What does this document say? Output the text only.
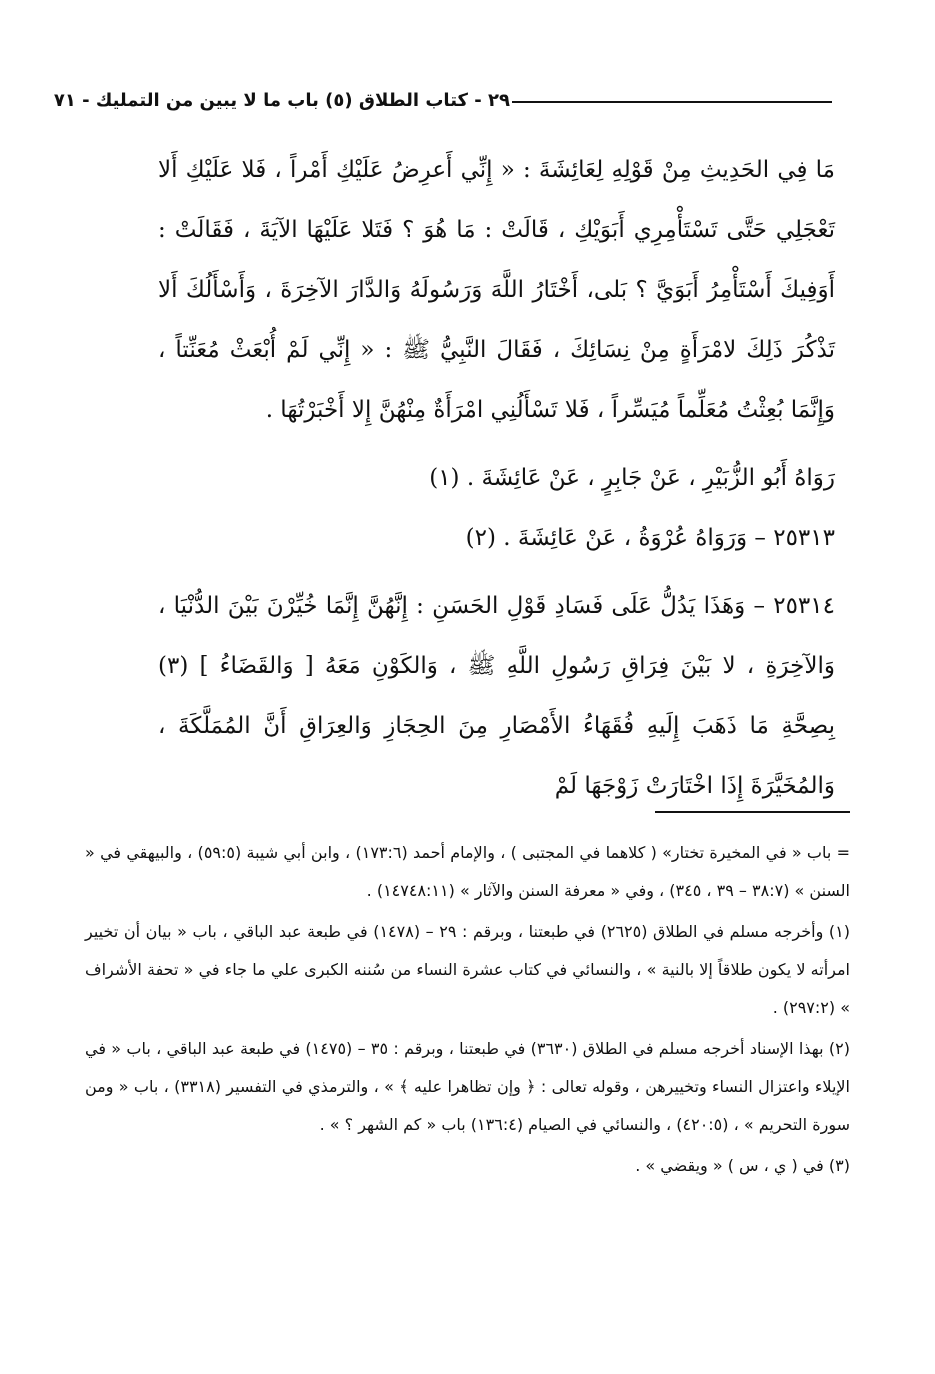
٢٩ - كتاب الطلاق (٥) باب ما لا يبين من التمليك - ٧١

مَا فِي الحَدِيثِ مِنْ قَوْلِهِ لِعَائِشَةَ : « إِنِّي أَعرِضُ عَلَيْكِ أَمْراً ، فَلا عَلَيْكِ أَلا تَعْجَلِي حَتَّى تَسْتَأْمِرِي أَبَوَيْكِ ، قَالَتْ : مَا هُوَ ؟ فَتَلا عَلَيْهَا الآيَةَ ، فَقَالَتْ : أَوَفِيكَ أَسْتَأْمِرُ أَبَوَيَّ ؟ بَلى، أَخْتَارُ اللَّهَ وَرَسُولَهُ وَالدَّارَ الآخِرَةَ ، وَأَسْأَلُكَ أَلا تَذْكُرَ ذَلِكَ لامْرَأَةٍ مِنْ نِسَائِكَ ، فَقَالَ النَّبِيُّ ﷺ : « إِنِّي لَمْ أُبْعَثْ مُعَنِّتاً ، وَإِنَّمَا بُعِثْتُ مُعَلِّماً مُيَسِّراً ، فَلا تَسْأَلُنِي امْرَأَةٌ مِنْهُنَّ إِلا أَخْبَرْتُهَا .

رَوَاهُ أَبُو الزُّبَيْرِ ، عَنْ جَابِرٍ ، عَنْ عَائِشَةَ . (١)

٢٥٣١٣ – وَرَوَاهُ عُرْوَةُ ، عَنْ عَائِشَةَ . (٢)

٢٥٣١٤ – وَهَذَا يَدُلُّ عَلَى فَسَادِ قَوْلِ الحَسَنِ : إِنَّهُنَّ إِنَّمَا خُيِّرْنَ بَيْنَ الدُّنْيَا ، وَالآخِرَةِ ، لا بَيْنَ فِرَاقِ رَسُولِ اللَّهِ ﷺ ، وَالكَوْنِ مَعَهُ [ وَالقَضَاءُ ] (٣) بِصِحَّةِ مَا ذَهَبَ إِلَيهِ فُقَهَاءُ الأَمْصَارِ مِنَ الحِجَازِ وَالعِرَاقِ أَنَّ المُمَلَّكَةَ ، وَالمُخَيَّرَةَ إِذَا اخْتَارَتْ زَوْجَهَا لَمْ

= باب « في المخيرة تختار» ( كلاهما في المجتبى ) ، والإمام أحمد (١٧٣:٦) ، وابن أبي شيبة (٥٩:٥) ، والبيهقي في « السنن » (٣٨:٧ – ٣٩ ، ٣٤٥) ، وفي « معرفة السنن والآثار » (١٤٧٤٨:١١) .

(١) وأخرجه مسلم في الطلاق (٢٦٢٥) في طبعتنا ، وبرقم : ٢٩ – (١٤٧٨) في طبعة عبد الباقي ، باب « بيان أن تخيير امرأته لا يكون طلاقاً إلا بالنية » ، والنسائي في كتاب عشرة النساء من سُننه الكبرى علي ما جاء في « تحفة الأشراف » (٢٩٧:٢) .

(٢) بهذا الإسناد أخرجه مسلم في الطلاق (٣٦٣٠) في طبعتنا ، وبرقم : ٣٥ – (١٤٧٥) في طبعة عبد الباقي ، باب « في الإيلاء واعتزال النساء وتخييرهن ، وقوله تعالى : ﴿ وإن تظاهرا عليه ﴾ » ، والترمذي في التفسير (٣٣١٨) ، باب « ومن سورة التحريم » ، (٤٢٠:٥) ، والنسائي في الصيام (١٣٦:٤) باب « كم الشهر ؟ » .

(٣) في ( ي ، س ) « ويقضي » .
